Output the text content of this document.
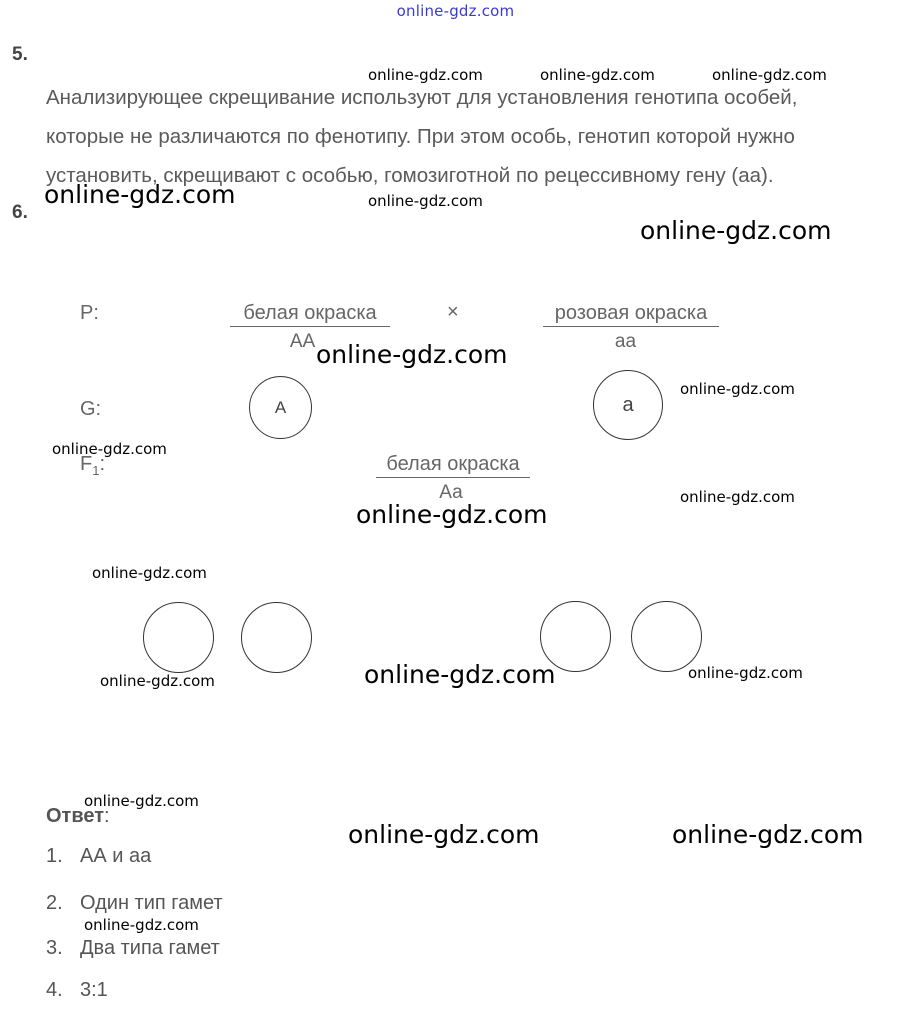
online-gdz.com
5.
Анализирующее скрещивание используют для установления генотипа особей,
которые не различаются по фенотипу. При этом особь, генотип которой нужно
установить, скрещивают с особью, гомозиготной по рецессивному гену (аа).
6.
P:	белая окраска
АА
×	розовая окраска
аа
G:	А	а
$F_1$:	белая окраска
Аа
Ответ:
1. АА и аа
2. Один тип гамет
3. Два типа гамет
4. 3:1
online-gdz.com	online-gdz.com	online-gdz.com
online-gdz.com	online-gdz.com
online-gdz.com
online-gdz.com
online-gdz.com
online-gdz.com
online-gdz.com
online-gdz.com
online-gdz.com
online-gdz.com	online-gdz.com
online-gdz.com
online-gdz.com
online-gdz.com	online-gdz.com
online-gdz.com
